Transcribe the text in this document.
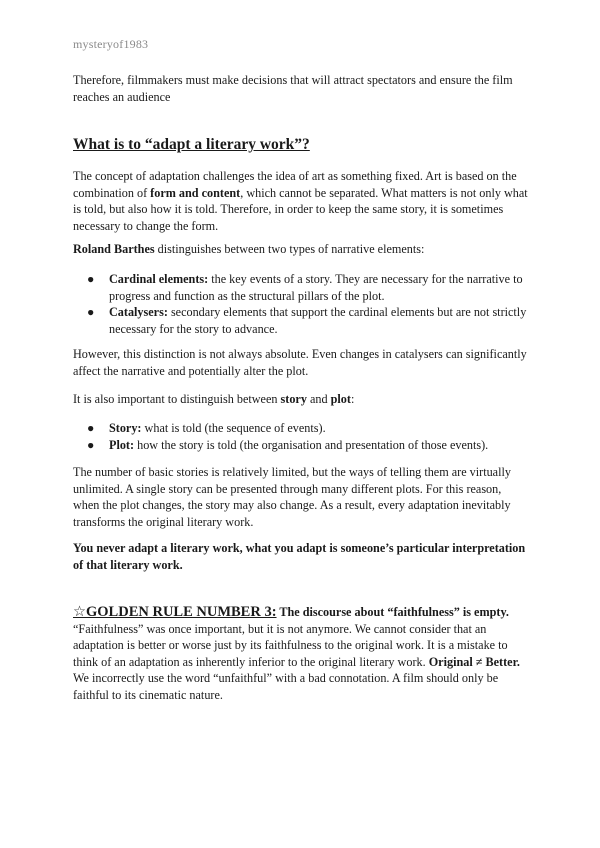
mysteryof1983

Therefore, filmmakers must make decisions that will attract spectators and ensure the film reaches an audience

What is to “adapt a literary work”?

The concept of adaptation challenges the idea of art as something fixed. Art is based on the combination of form and content, which cannot be separated. What matters is not only what is told, but also how it is told. Therefore, in order to keep the same story, it is sometimes necessary to change the form.

Roland Barthes distinguishes between two types of narrative elements:

● Cardinal elements: the key events of a story. They are necessary for the narrative to progress and function as the structural pillars of the plot.
● Catalysers: secondary elements that support the cardinal elements but are not strictly necessary for the story to advance.

However, this distinction is not always absolute. Even changes in catalysers can significantly affect the narrative and potentially alter the plot.

It is also important to distinguish between story and plot:

● Story: what is told (the sequence of events).
● Plot: how the story is told (the organisation and presentation of those events).

The number of basic stories is relatively limited, but the ways of telling them are virtually unlimited. A single story can be presented through many different plots. For this reason, when the plot changes, the story may also change. As a result, every adaptation inevitably transforms the original literary work.

You never adapt a literary work, what you adapt is someone’s particular interpretation of that literary work.

☆GOLDEN RULE NUMBER 3: The discourse about “faithfulness” is empty.
“Faithfulness” was once important, but it is not anymore. We cannot consider that an adaptation is better or worse just by its faithfulness to the original work. It is a mistake to think of an adaptation as inherently inferior to the original literary work. Original ≠ Better. We incorrectly use the word “unfaithful” with a bad connotation. A film should only be faithful to its cinematic nature.
